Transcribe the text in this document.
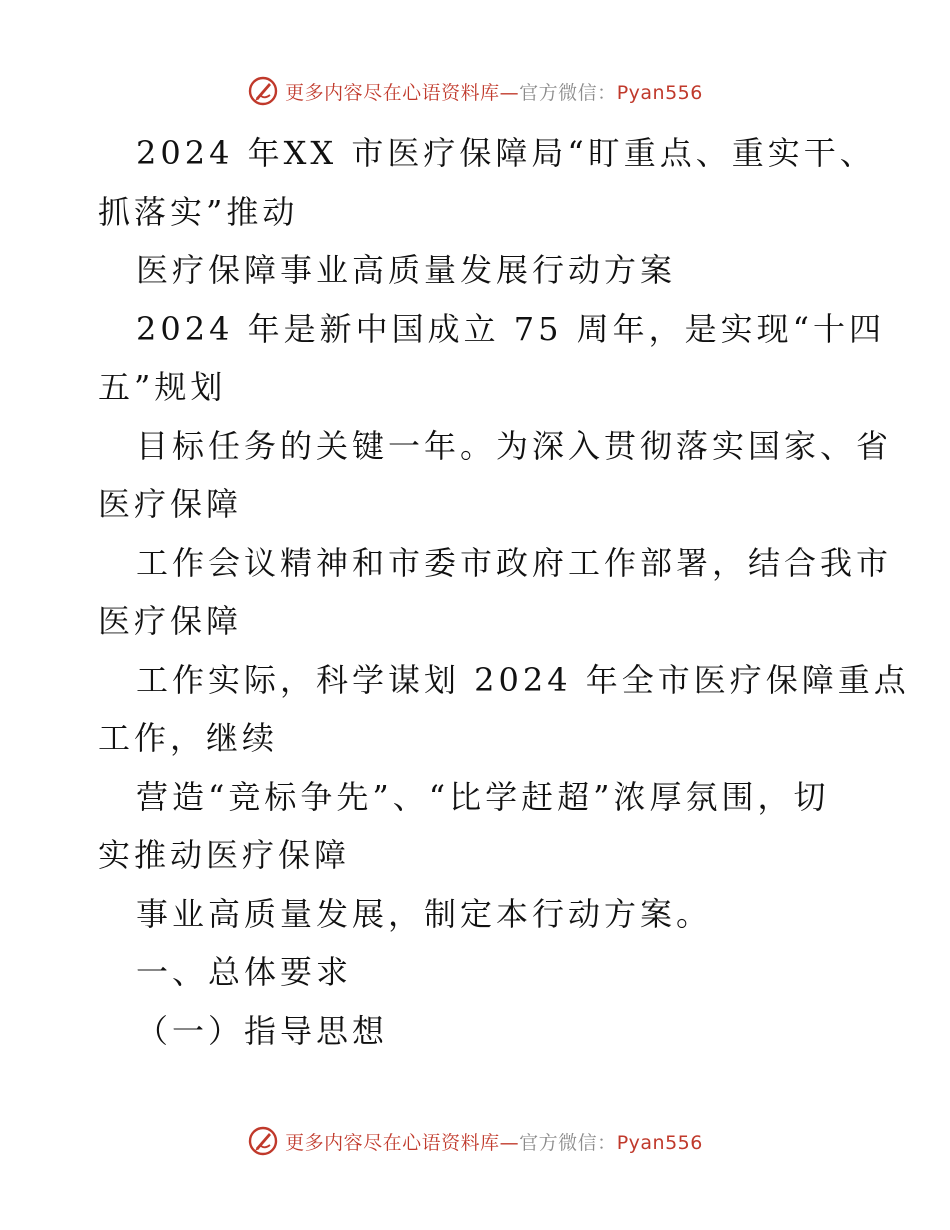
更多内容尽在心语资料库—官方微信：Pyan556
2024 年XX 市医疗保障局“盯重点、重实干、
抓落实”推动
医疗保障事业高质量发展行动方案
2024 年是新中国成立 75 周年，是实现“十四
五”规划
目标任务的关键一年。为深入贯彻落实国家、省
医疗保障
工作会议精神和市委市政府工作部署，结合我市
医疗保障
工作实际，科学谋划 2024 年全市医疗保障重点
工作，继续
营造“竞标争先”、“比学赶超”浓厚氛围，切
实推动医疗保障
事业高质量发展，制定本行动方案。
一、总体要求
（一）指导思想
更多内容尽在心语资料库—官方微信：Pyan556
